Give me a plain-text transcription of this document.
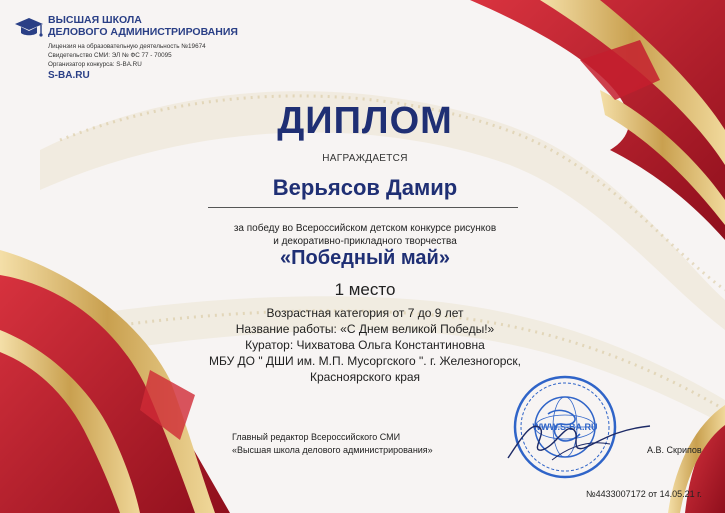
ВЫСШАЯ ШКОЛА
ДЕЛОВОГО АДМИНИСТРИРОВАНИЯ
Лицензия на образовательную деятельность №19674
Свидетельство СМИ: ЭЛ № ФС 77 - 70095
Организатор конкурса: S-BA.RU
S-BA.RU
ДИПЛОМ
НАГРАЖДАЕТСЯ
Верьясов Дамир
за победу во Всероссийском детском конкурсе рисунков
и декоративно-прикладного творчества
«Победный май»
1 место
Возрастная категория от 7 до 9 лет
Название работы: «С Днем великой Победы!»
Куратор: Чихватова Ольга Константиновна
МБУ ДО " ДШИ им. М.П. Мусоргского ". г. Железногорск,
Красноярского края
WWW.S-BA.RU
Главный редактор Всероссийского СМИ
«Высшая школа делового администрирования»	А.В. Скрипов
№4433007172 от 14.05.21 г.
